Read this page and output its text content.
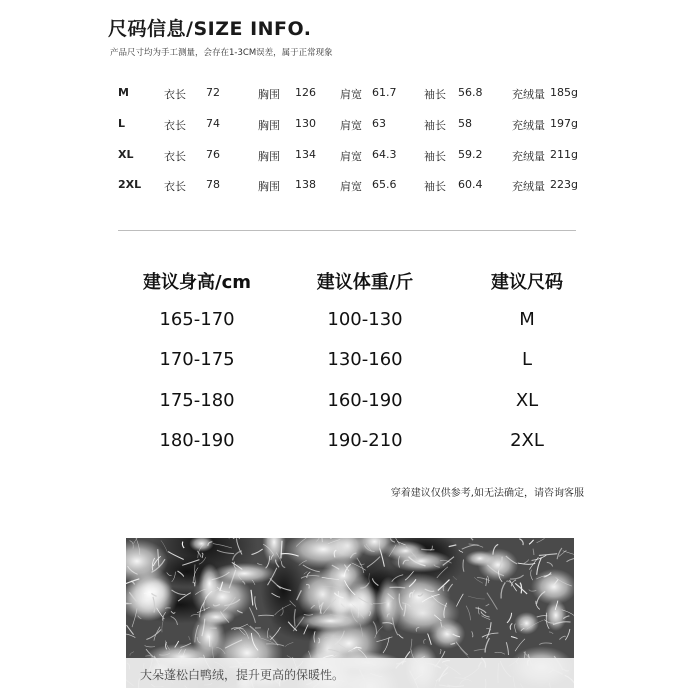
尺码信息/SIZE INFO.
产品尺寸均为手工测量，会存在1-3CM误差，属于正常现象
M	衣长 72	胸围 126 肩宽 61.7	袖长 56.8	充绒量 185g
L	衣长 74	胸围 130 肩宽 63	袖长 58	充绒量 197g
XL	衣长 76	胸围 134 肩宽 64.3	袖长 59.2	充绒量 211g
2XL 衣长 78	胸围 138 肩宽 65.6	袖长 60.4	充绒量 223g
建议身高/cm	建议体重/斤	建议尺码
165-170	100-130	M
170-175	130-160	L
175-180	160-190	XL
180-190	190-210	2XL
穿着建议仅供参考,如无法确定，请咨询客服
大朵蓬松白鸭绒，提升更高的保暖性。
